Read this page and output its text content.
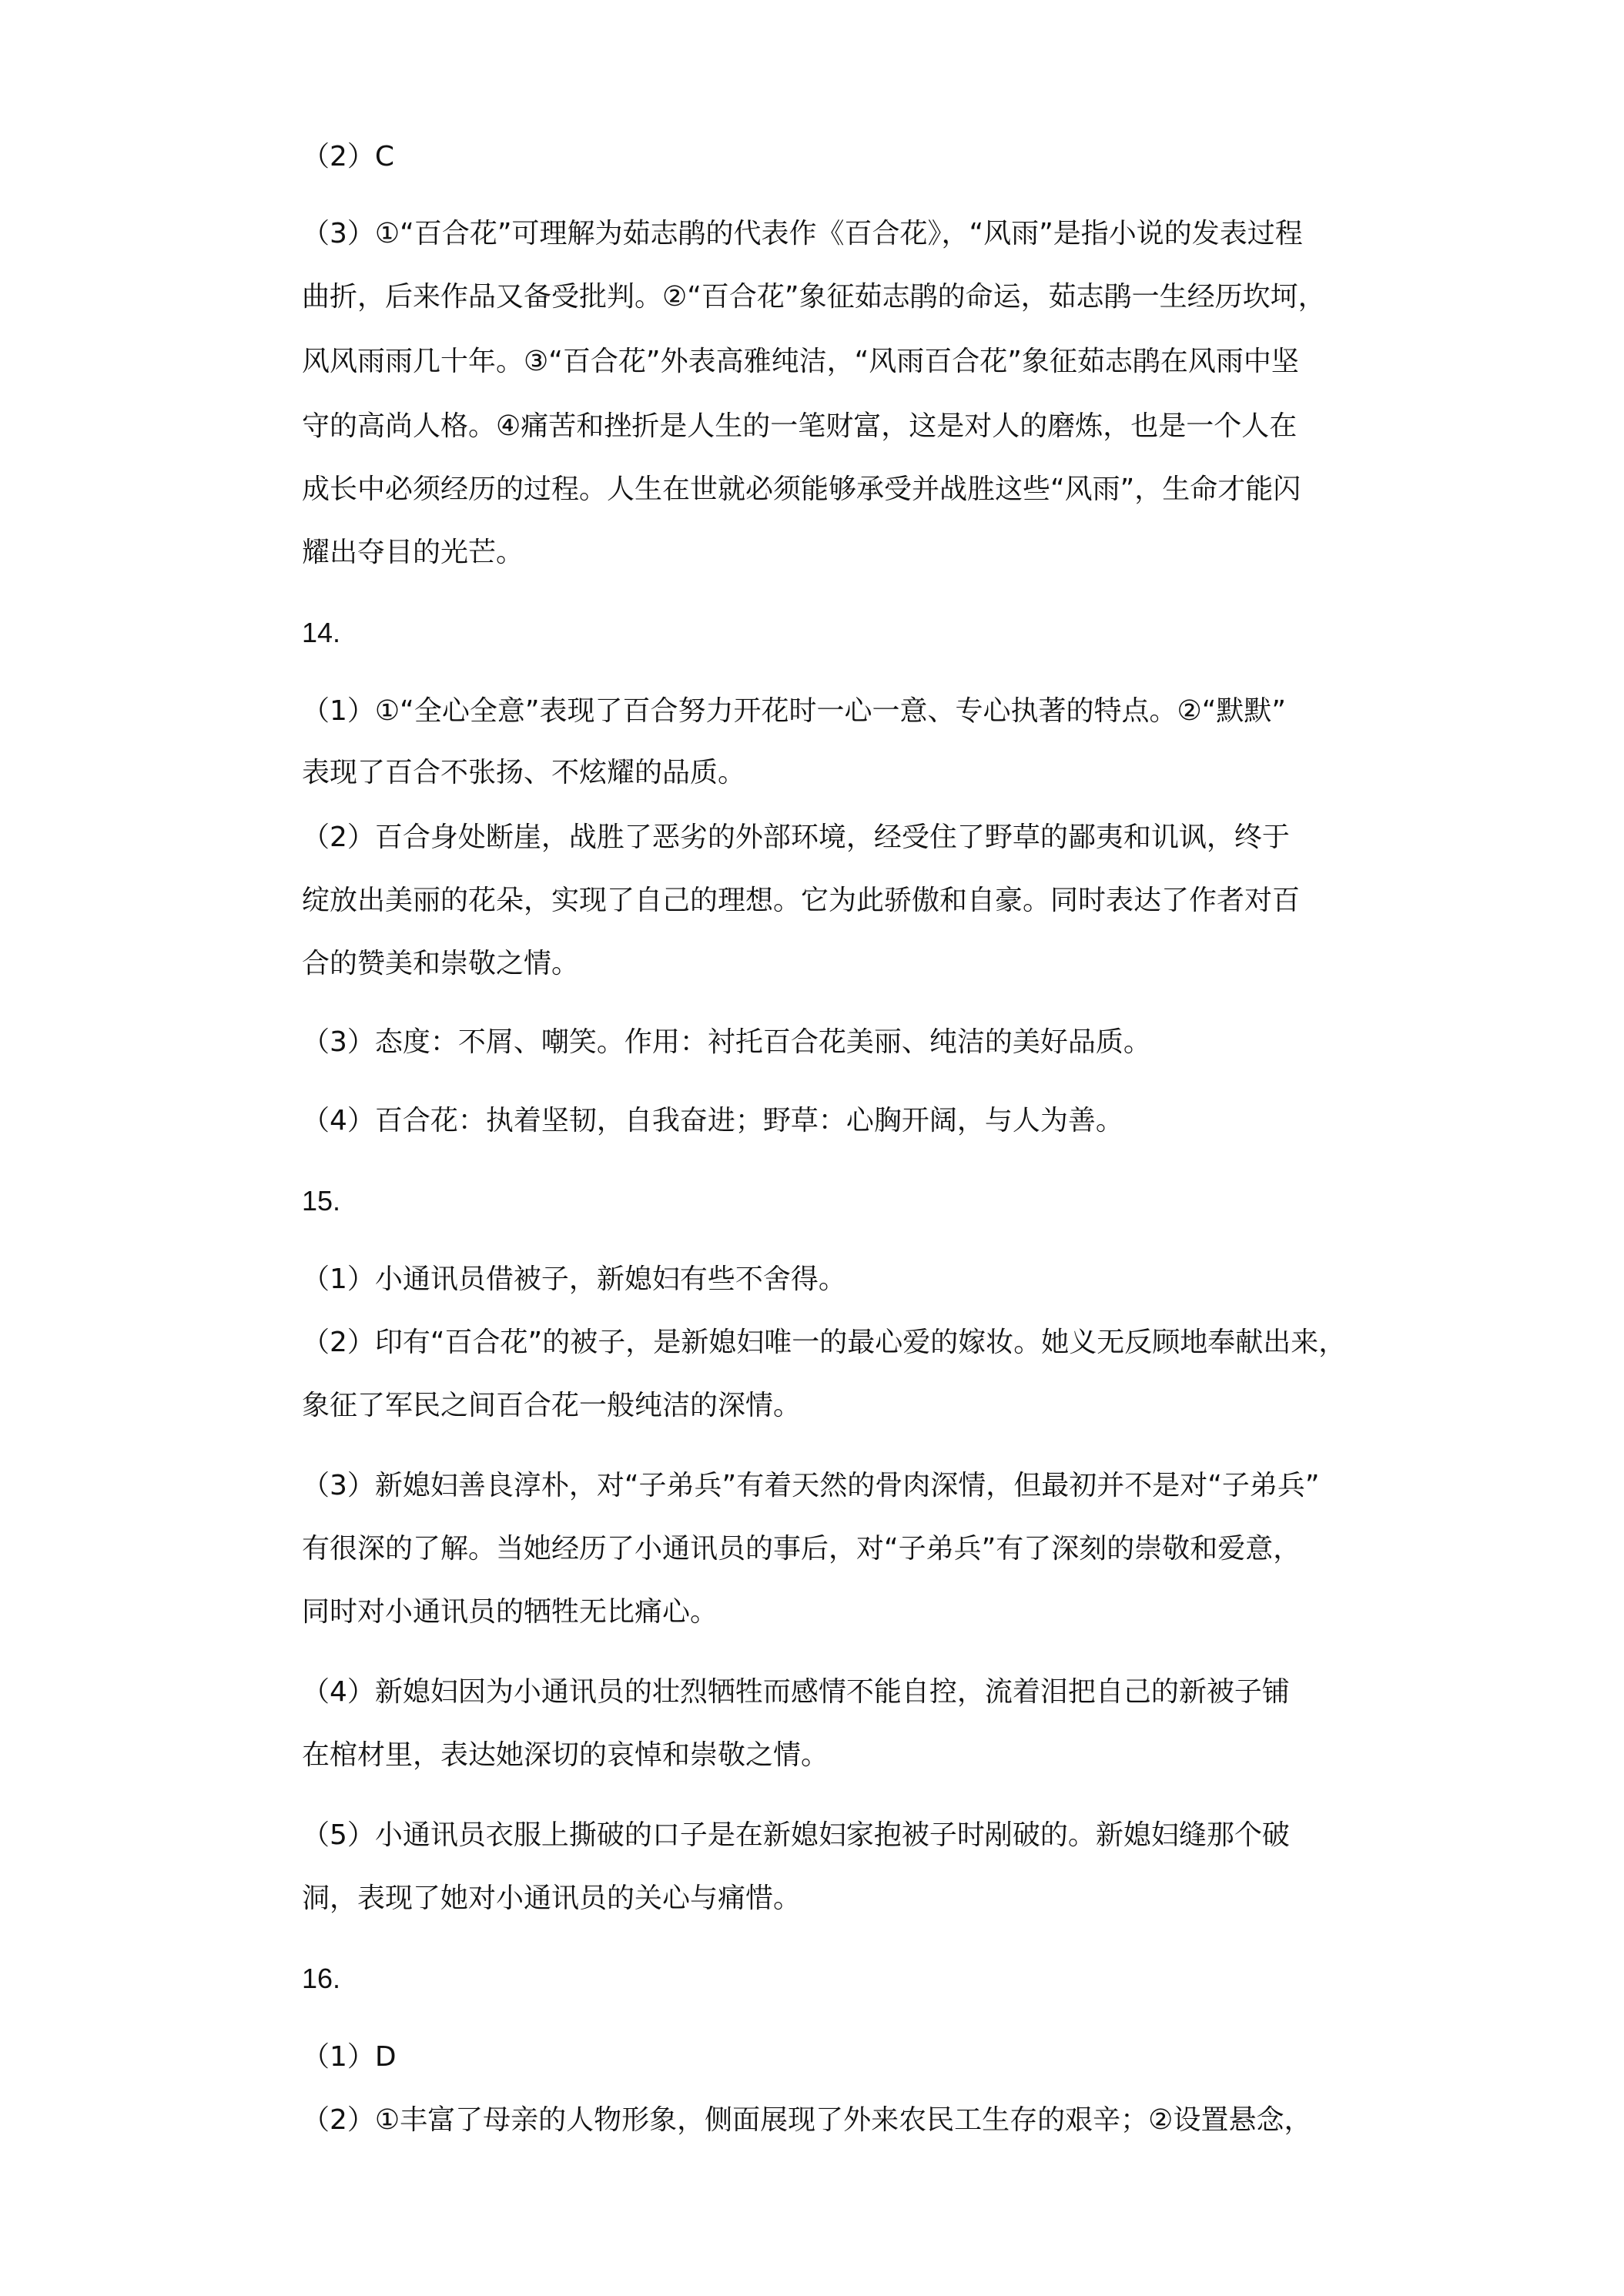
（2）C
（3）①“百合花”可理解为茹志鹃的代表作《百合花》，“风雨”是指小说的发表过程
曲折，后来作品又备受批判。②“百合花”象征茹志鹃的命运，茹志鹃一生经历坎坷，
风风雨雨几十年。③“百合花”外表高雅纯洁，“风雨百合花”象征茹志鹃在风雨中坚
守的高尚人格。④痛苦和挫折是人生的一笔财富，这是对人的磨炼，也是一个人在
成长中必须经历的过程。人生在世就必须能够承受并战胜这些“风雨”，生命才能闪
耀出夺目的光芒。
14.
（1）①“全心全意”表现了百合努力开花时一心一意、专心执著的特点。②“默默”
表现了百合不张扬、不炫耀的品质。
（2）百合身处断崖，战胜了恶劣的外部环境，经受住了野草的鄙夷和讥讽，终于
绽放出美丽的花朵，实现了自己的理想。它为此骄傲和自豪。同时表达了作者对百
合的赞美和崇敬之情。
（3）态度：不屑、嘲笑。作用：衬托百合花美丽、纯洁的美好品质。
（4）百合花：执着坚韧，自我奋进；野草：心胸开阔，与人为善。
15.
（1）小通讯员借被子，新媳妇有些不舍得。
（2）印有“百合花”的被子，是新媳妇唯一的最心爱的嫁妆。她义无反顾地奉献出来，
象征了军民之间百合花一般纯洁的深情。
（3）新媳妇善良淳朴，对“子弟兵”有着天然的骨肉深情，但最初并不是对“子弟兵”
有很深的了解。当她经历了小通讯员的事后，对“子弟兵”有了深刻的崇敬和爱意，
同时对小通讯员的牺牲无比痛心。
（4）新媳妇因为小通讯员的壮烈牺牲而感情不能自控，流着泪把自己的新被子铺
在棺材里，表达她深切的哀悼和崇敬之情。
（5）小通讯员衣服上撕破的口子是在新媳妇家抱被子时剐破的。新媳妇缝那个破
洞，表现了她对小通讯员的关心与痛惜。
16.
（1）D
（2）①丰富了母亲的人物形象，侧面展现了外来农民工生存的艰辛；②设置悬念，
